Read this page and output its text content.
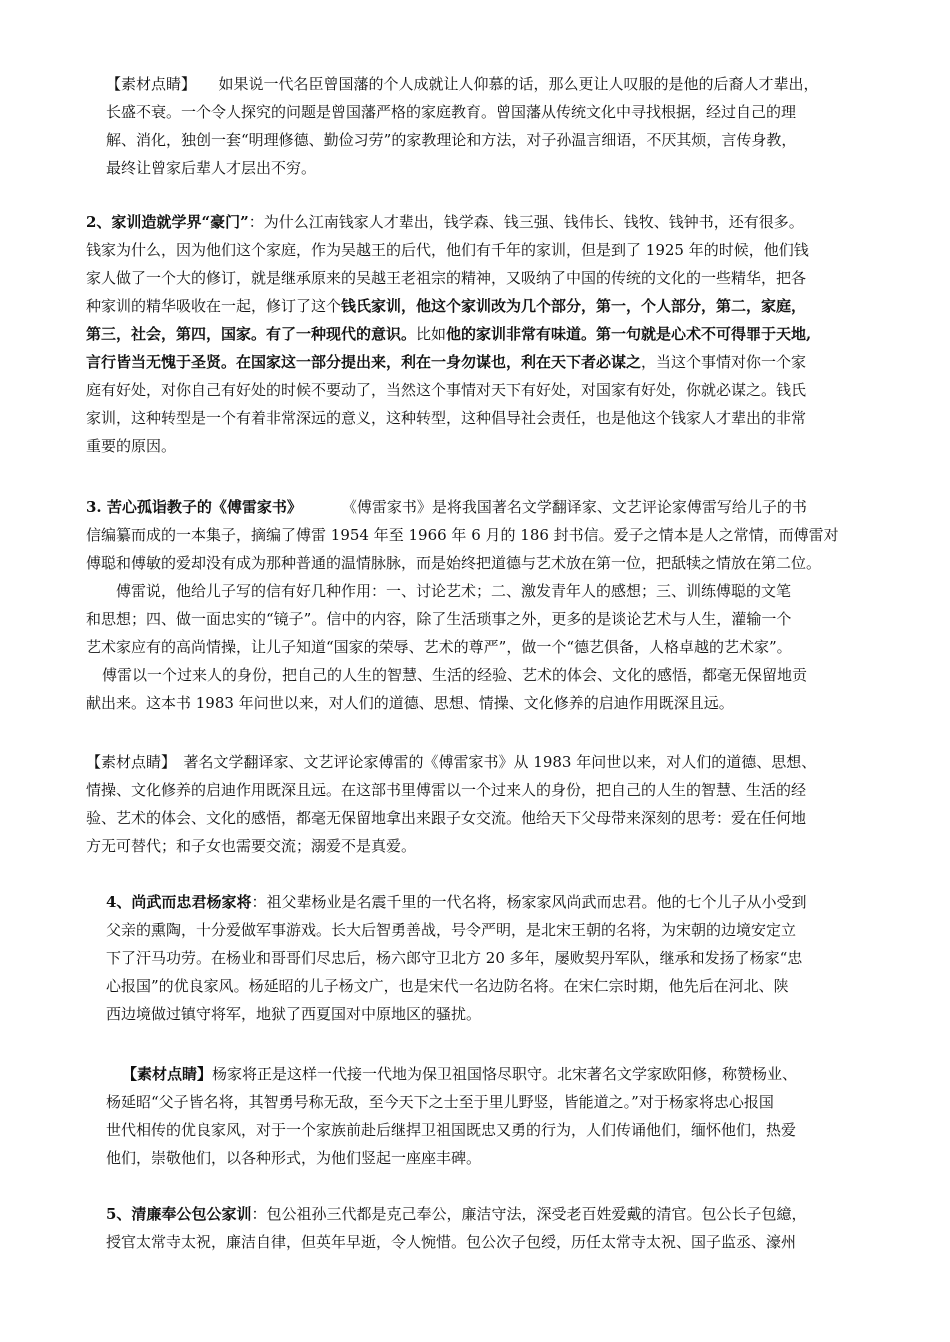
【素材点睛】　　如果说一代名臣曾国藩的个人成就让人仰慕的话，那么更让人叹服的是他的后裔人才辈出，
长盛不衰。一个令人探究的问题是曾国藩严格的家庭教育。曾国藩从传统文化中寻找根据，经过自己的理
解、消化，独创一套“明理修德、勤俭习劳”的家教理论和方法，对子孙温言细语，不厌其烦，言传身教，
最终让曾家后辈人才层出不穷。
2、家训造就学界“豪门”：为什么江南钱家人才辈出，钱学森、钱三强、钱伟长、钱牧、钱钟书，还有很多。
钱家为什么，因为他们这个家庭，作为吴越王的后代，他们有千年的家训，但是到了 1925 年的时候，他们钱
家人做了一个大的修订，就是继承原来的吴越王老祖宗的精神，又吸纳了中国的传统的文化的一些精华，把各
种家训的精华吸收在一起，修订了这个钱氏家训，他这个家训改为几个部分，第一，个人部分，第二，家庭，
第三，社会，第四，国家。有了一种现代的意识。比如他的家训非常有味道。第一句就是心术不可得罪于天地,
言行皆当无愧于圣贤。在国家这一部分提出来，利在一身勿谋也，利在天下者必谋之，当这个事情对你一个家
庭有好处，对你自己有好处的时候不要动了，当然这个事情对天下有好处，对国家有好处，你就必谋之。钱氏
家训，这种转型是一个有着非常深远的意义，这种转型，这种倡导社会责任，也是他这个钱家人才辈出的非常
重要的原因。
3. 苦心孤诣教子的《傅雷家书》	《傅雷家书》是将我国著名文学翻译家、文艺评论家傅雷写给儿子的书
信编纂而成的一本集子，摘编了傅雷 1954 年至 1966 年 6 月的 186 封书信。爱子之情本是人之常情，而傅雷对
傅聪和傅敏的爱却没有成为那种普通的温情脉脉，而是始终把道德与艺术放在第一位，把舐犊之情放在第二位。
傅雷说，他给儿子写的信有好几种作用：一、讨论艺术；二、激发青年人的感想；三、训练傅聪的文笔
和思想；四、做一面忠实的“镜子”。信中的内容，除了生活琐事之外，更多的是谈论艺术与人生，灌输一个
艺术家应有的高尚情操，让儿子知道“国家的荣辱、艺术的尊严”，做一个“德艺俱备，人格卓越的艺术家”。
傅雷以一个过来人的身份，把自己的人生的智慧、生活的经验、艺术的体会、文化的感悟，都毫无保留地贡
献出来。这本书 1983 年问世以来，对人们的道德、思想、情操、文化修养的启迪作用既深且远。
【素材点睛】　著名文学翻译家、文艺评论家傅雷的《傅雷家书》从 1983 年问世以来，对人们的道德、思想、
情操、文化修养的启迪作用既深且远。在这部书里傅雷以一个过来人的身份，把自己的人生的智慧、生活的经
验、艺术的体会、文化的感悟，都毫无保留地拿出来跟子女交流。他给天下父母带来深刻的思考：爱在任何地
方无可替代；和子女也需要交流；溺爱不是真爱。
4、尚武而忠君杨家将：祖父辈杨业是名震千里的一代名将，杨家家风尚武而忠君。他的七个儿子从小受到
父亲的熏陶，十分爱做军事游戏。长大后智勇善战，号令严明，是北宋王朝的名将，为宋朝的边境安定立
下了汗马功劳。在杨业和哥哥们尽忠后，杨六郎守卫北方 20 多年，屡败契丹军队，继承和发扬了杨家“忠
心报国”的优良家风。杨延昭的儿子杨文广，也是宋代一名边防名将。在宋仁宗时期，他先后在河北、陕
西边境做过镇守将军，地狱了西夏国对中原地区的骚扰。
【素材点睛】杨家将正是这样一代接一代地为保卫祖国恪尽职守。北宋著名文学家欧阳修，称赞杨业、
杨延昭“父子皆名将，其智勇号称无敌，至今天下之士至于里儿野竖，皆能道之。”对于杨家将忠心报国
世代相传的优良家风，对于一个家族前赴后继捍卫祖国既忠又勇的行为，人们传诵他们，缅怀他们，热爱
他们，崇敬他们，以各种形式，为他们竖起一座座丰碑。
5、清廉奉公包公家训：包公祖孙三代都是克己奉公，廉洁守法，深受老百姓爱戴的清官。包公长子包繶，
授官太常寺太祝，廉洁自律，但英年早逝，令人惋惜。包公次子包绶，历任太常寺太祝、国子监丞、濠州
